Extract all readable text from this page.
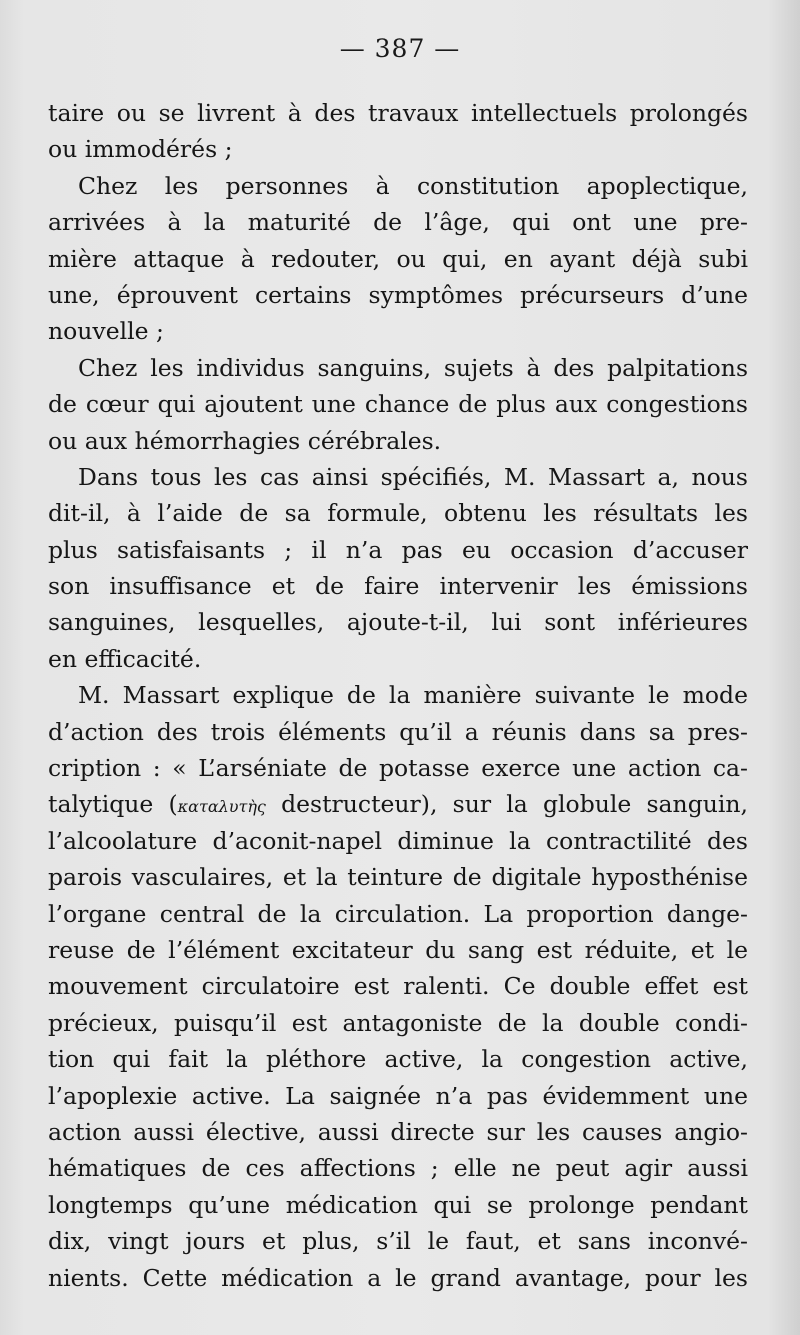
— 387 —
taire ou se livrent à des travaux intellectuels prolongés
ou immodérés ;
Chez les personnes à constitution apoplectique,
arrivées à la maturité de l’âge, qui ont une pre-
mière attaque à redouter, ou qui, en ayant déjà subi
une, éprouvent certains symptômes précurseurs d’une
nouvelle ;
Chez les individus sanguins, sujets à des palpitations
de cœur qui ajoutent une chance de plus aux congestions
ou aux hémorrhagies cérébrales.
Dans tous les cas ainsi spécifiés, M. Massart a, nous
dit-il, à l’aide de sa formule, obtenu les résultats les
plus satisfaisants ; il n’a pas eu occasion d’accuser
son insuffisance et de faire intervenir les émissions
sanguines, lesquelles, ajoute-t-il, lui sont inférieures
en efficacité.
M. Massart explique de la manière suivante le mode
d’action des trois éléments qu’il a réunis dans sa pres-
cription : « L’arséniate de potasse exerce une action ca-
talytique (καταλυτὴς destructeur), sur la globule sanguin,
l’alcoolature d’aconit-napel diminue la contractilité des
parois vasculaires, et la teinture de digitale hyposthénise
l’organe central de la circulation. La proportion dange-
reuse de l’élément excitateur du sang est réduite, et le
mouvement circulatoire est ralenti. Ce double effet est
précieux, puisqu’il est antagoniste de la double condi-
tion qui fait la pléthore active, la congestion active,
l’apoplexie active. La saignée n’a pas évidemment une
action aussi élective, aussi directe sur les causes angio-
hématiques de ces affections ; elle ne peut agir aussi
longtemps qu’une médication qui se prolonge pendant
dix, vingt jours et plus, s’il le faut, et sans inconvé-
nients. Cette médication a le grand avantage, pour les
